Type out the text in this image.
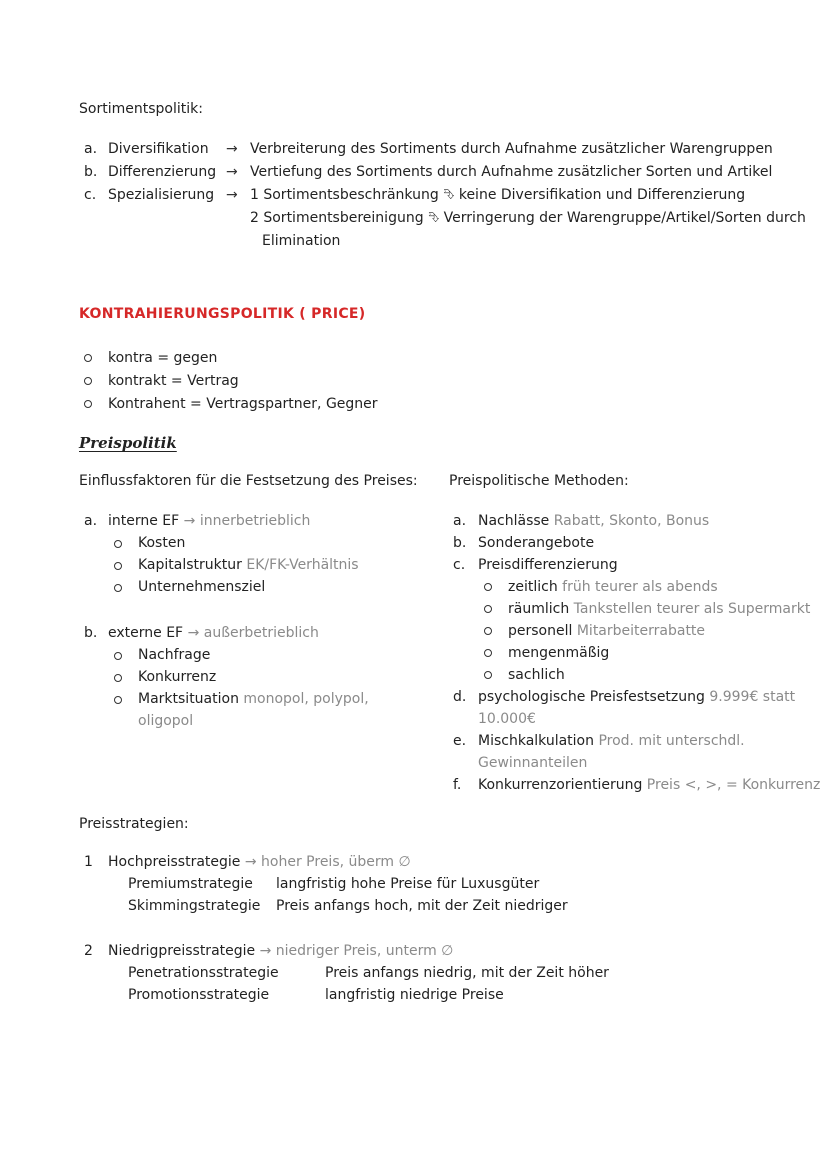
Sortimentspolitik:
a. Diversifikation → Verbreiterung des Sortiments durch Aufnahme zusätzlicher Warengruppen
b. Differenzierung → Vertiefung des Sortiments durch Aufnahme zusätzlicher Sorten und Artikel
c. Spezialisierung → 1 Sortimentsbeschränkung ⮷ keine Diversifikation und Differenzierung
2 Sortimentsbereinigung ⮷ Verringerung der Warengruppe/Artikel/Sorten durch
Elimination
KONTRAHIERUNGSPOLITIK ( PRICE)
kontra = gegen
kontrakt = Vertrag
Kontrahent = Vertragspartner, Gegner
Preispolitik
Einflussfaktoren für die Festsetzung des Preises: Preispolitische Methoden:
a. interne EF → innerbetrieblich
Kosten
Kapitalstruktur EK/FK-Verhältnis
Unternehmensziel
b. externe EF → außerbetrieblich
Nachfrage
Konkurrenz
Marktsituation monopol, polypol,
oligopol
a. Nachlässe Rabatt, Skonto, Bonus
b. Sonderangebote
c. Preisdifferenzierung
zeitlich früh teurer als abends
räumlich Tankstellen teurer als Supermarkt
personell Mitarbeiterrabatte
mengenmäßig
sachlich
d. psychologische Preisfestsetzung 9.999€ statt
10.000€
e. Mischkalkulation Prod. mit unterschdl.
Gewinnanteilen
f. Konkurrenzorientierung Preis <, >, = Konkurrenz
Preisstrategien:
1 Hochpreisstrategie → hoher Preis, überm ∅
Premiumstrategie langfristig hohe Preise für Luxusgüter
Skimmingstrategie Preis anfangs hoch, mit der Zeit niedriger
2 Niedrigpreisstrategie → niedriger Preis, unterm ∅
Penetrationsstrategie	Preis anfangs niedrig, mit der Zeit höher
Promotionsstrategie	langfristig niedrige Preise
